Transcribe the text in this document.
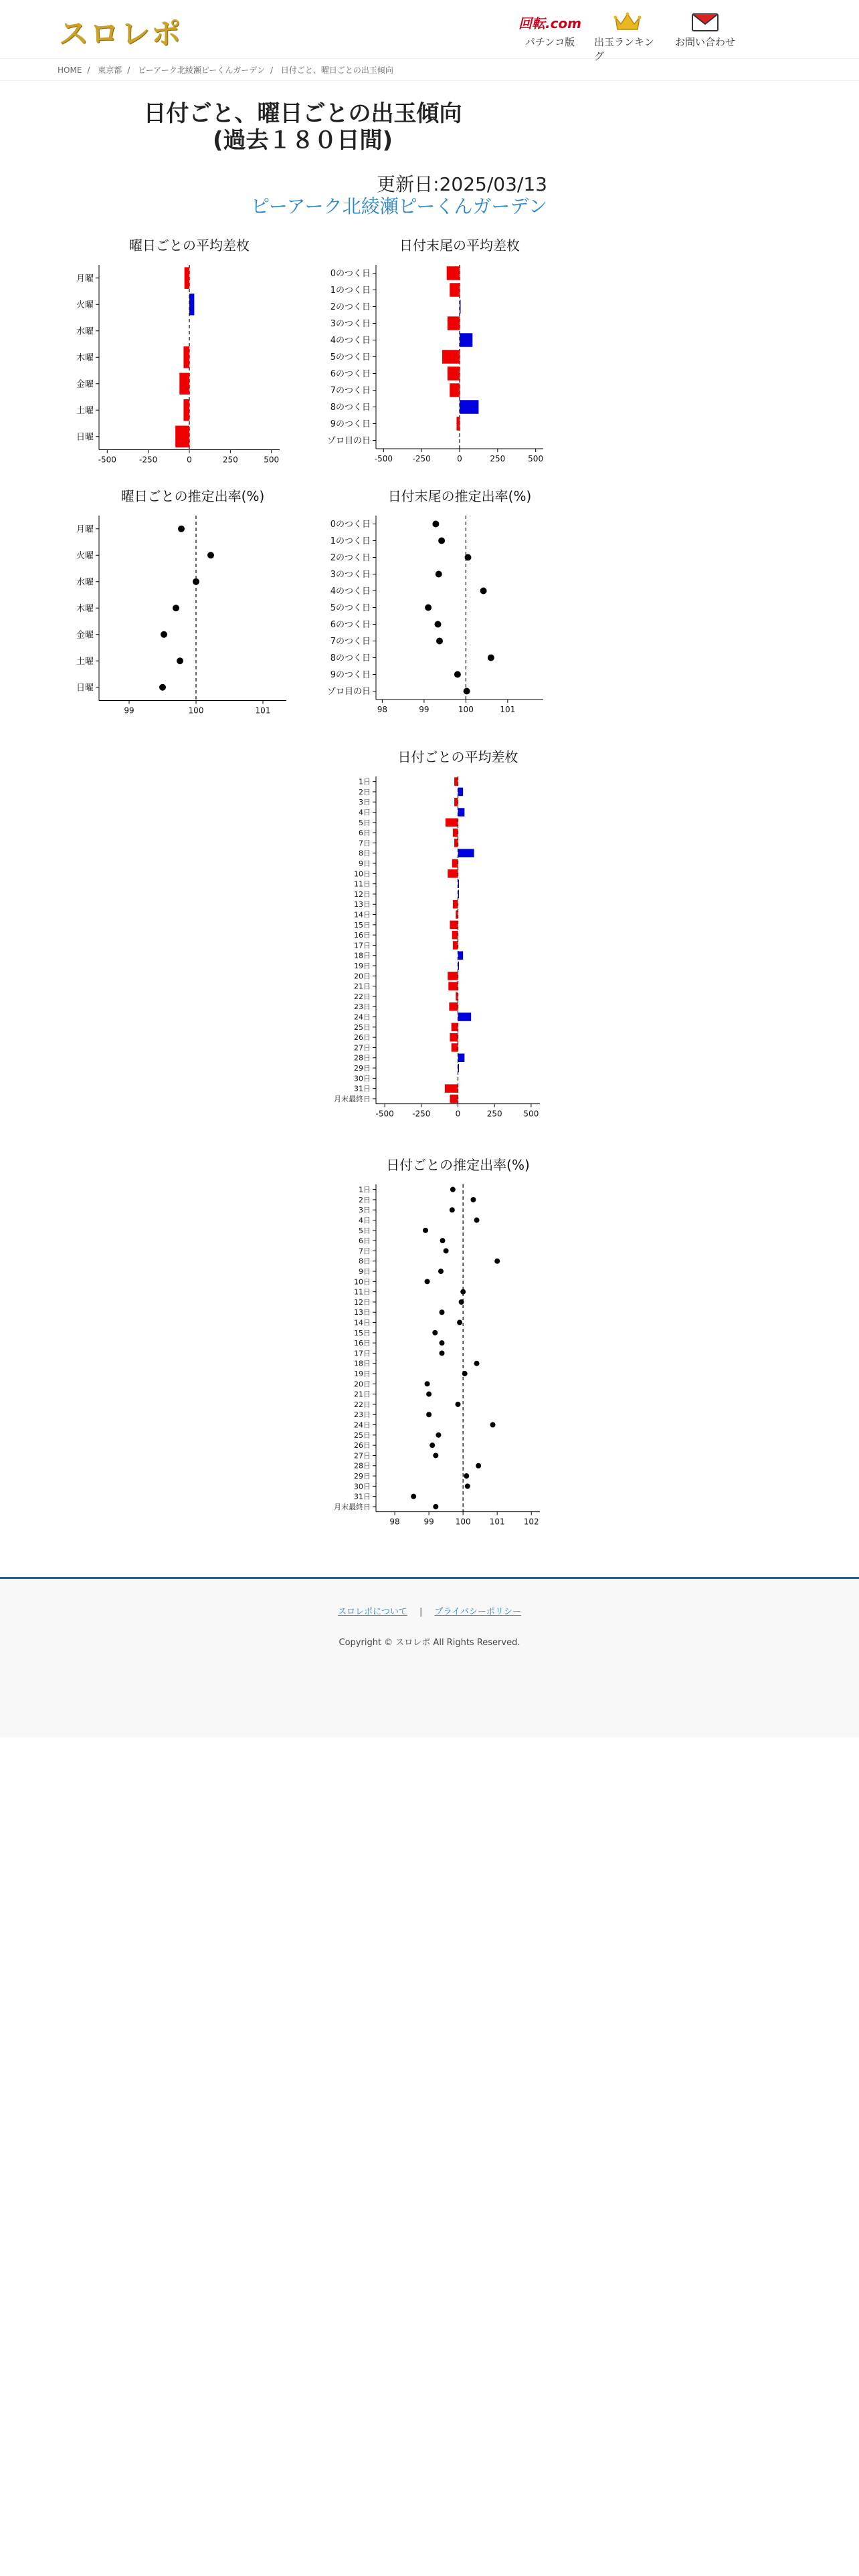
スロレポ	回転.com
パチンコ版 出玉ランキング
お問い合わせ
HOME / 東京都 / ピーアーク北綾瀬ピーくんガーデン / 日付ごと、曜日ごとの出玉傾向
日付ごと、曜日ごとの出玉傾向
(過去１８０日間)
更新日:2025/03/13
ピーアーク北綾瀬ピーくんガーデン
曜日ごとの平均差枚
-500	-250	0	250	500
月曜
火曜
水曜
木曜
金曜
土曜
日曜
日付末尾の平均差枚
-500 -250	0	250	500
0のつく日
1のつく日
2のつく日
3のつく日
4のつく日
5のつく日
6のつく日
7のつく日
8のつく日
9のつく日
ゾロ目の日
曜日ごとの推定出率(%)
99	100	101
月曜
火曜
水曜
木曜
金曜
土曜
日曜
日付末尾の推定出率(%)
98	99	100	101
0のつく日
1のつく日
2のつく日
3のつく日
4のつく日
5のつく日
6のつく日
7のつく日
8のつく日
9のつく日
ゾロ目の日
日付ごとの平均差枚
-500 -250	0	250	500
1日
2日
3日
4日
5日
6日
7日
8日
9日
10日
11日
12日
13日
14日
15日
16日
17日
18日
19日
20日
21日
22日
23日
24日
25日
26日
27日
28日
29日
30日
31日
月末最終日
日付ごとの推定出率(%)
98	99	100 101 102
1日
2日
3日
4日
5日
6日
7日
8日
9日
10日
11日
12日
13日
14日
15日
16日
17日
18日
19日
20日
21日
22日
23日
24日
25日
26日
27日
28日
29日
30日
31日
月末最終日
スロレポについて | プライバシーポリシー
Copyright © スロレポ All Rights Reserved.
